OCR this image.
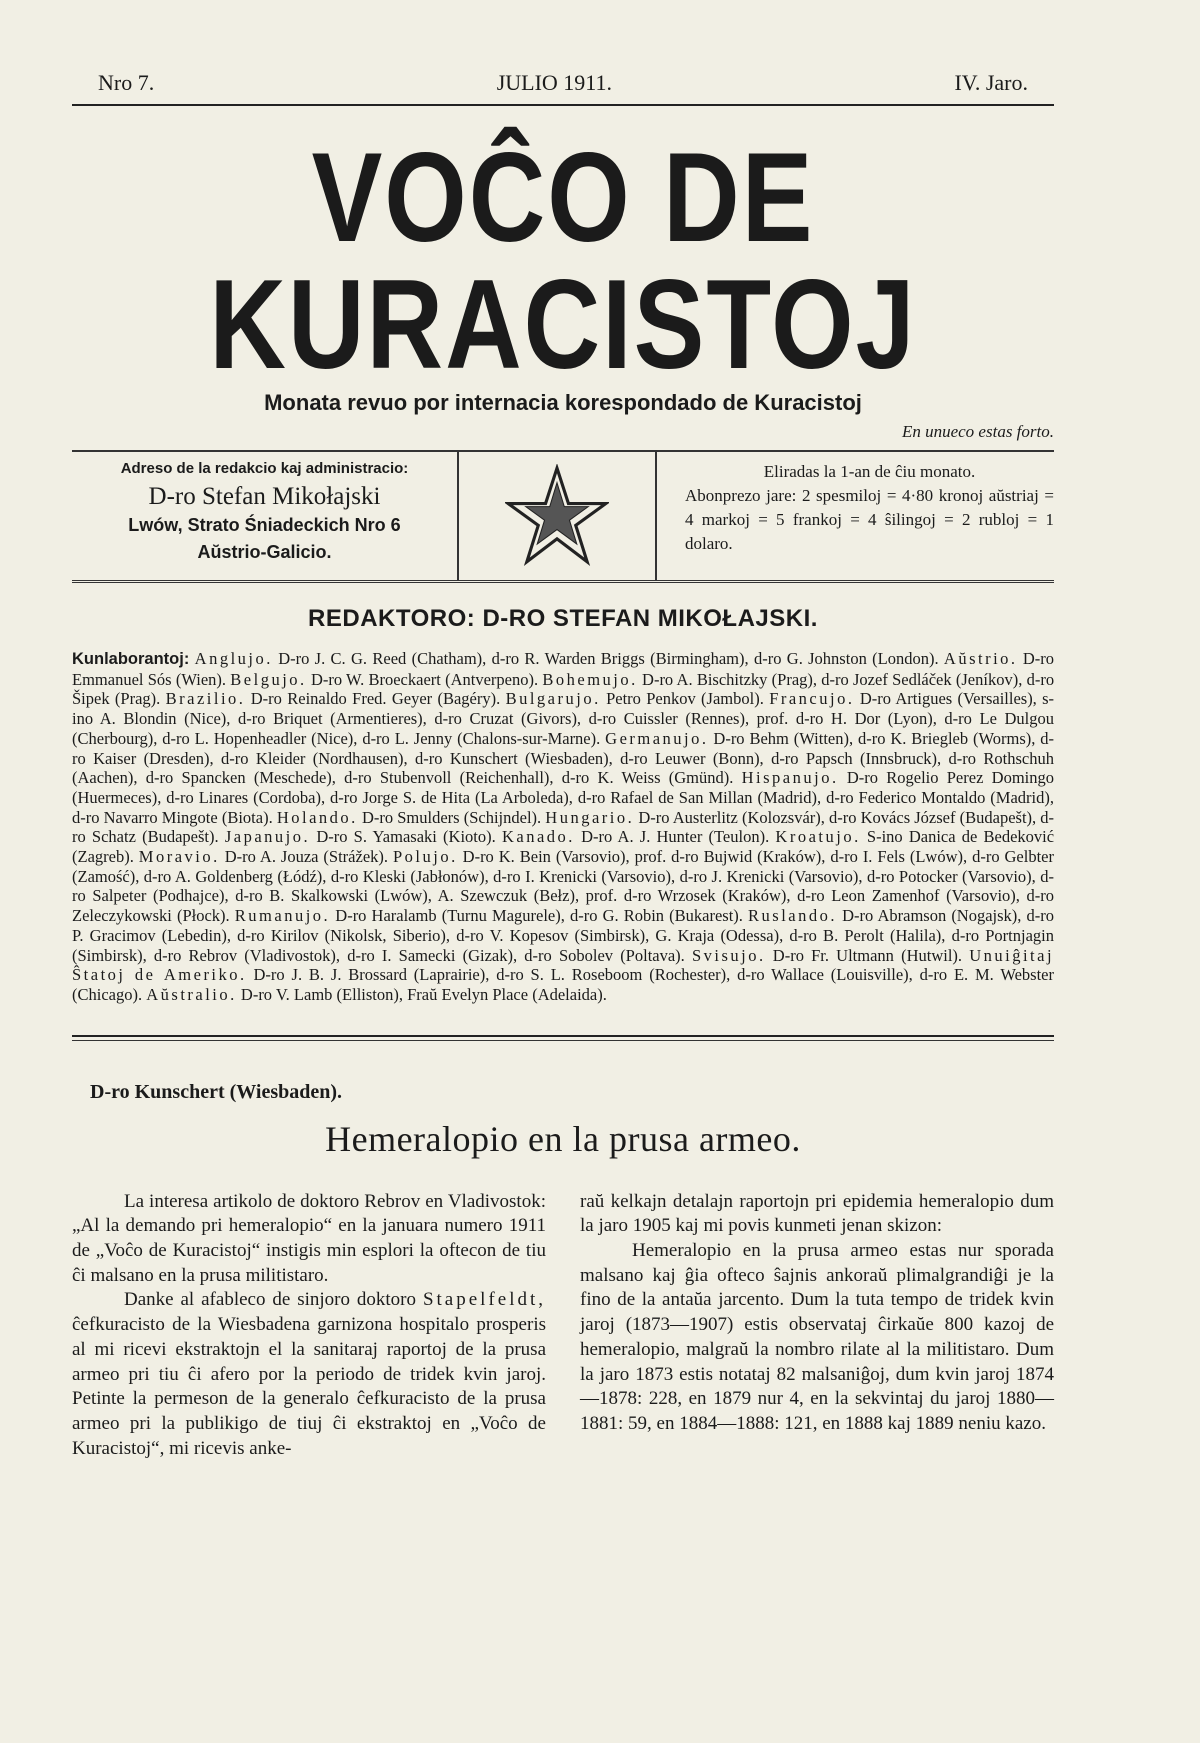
Nro 7.	JULIO 1911.	IV. Jaro.
VOĈO DE KURACISTOJ
Monata revuo por internacia korespondado de Kuracistoj
En unueco estas forto.
Adreso de la redakcio kaj administracio:
D-ro Stefan Mikołajski
Lwów, Strato Śniadeckich Nro 6
Aŭstrio-Galicio.
Eliradas la 1-an de ĉiu monato.
Abonprezo jare: 2 spesmiloj = 4·80 kronoj aŭstriaj = 4 markoj = 5 frankoj = 4 ŝilingoj = 2 rubloj = 1 dolaro.
REDAKTORO: D-RO STEFAN MIKOŁAJSKI.
Kunlaborantoj: Anglujo. D-ro J. C. G. Reed (Chatham), d-ro R. Warden Briggs (Birmingham), d-ro G. Johnston (London). Aŭstrio. D-ro Emmanuel Sós (Wien). Belgujo. D-ro W. Broeckaert (Antverpeno). Bohemujo. D-ro A. Bischitzky (Prag), d-ro Jozef Sedláček (Jeníkov), d-ro Šipek (Prag). Brazilio. D-ro Reinaldo Fred. Geyer (Bagéry). Bulgarujo. Petro Penkov (Jambol). Francujo. D-ro Artigues (Versailles), s-ino A. Blondin (Nice), d-ro Briquet (Armentieres), d-ro Cruzat (Givors), d-ro Cuissler (Rennes), prof. d-ro H. Dor (Lyon), d-ro Le Dulgou (Cherbourg), d-ro L. Hopenheadler (Nice), d-ro L. Jenny (Chalons-sur-Marne). Germanujo. D-ro Behm (Witten), d-ro K. Briegleb (Worms), d-ro Kaiser (Dresden), d-ro Kleider (Nordhausen), d-ro Kunschert (Wiesbaden), d-ro Leuwer (Bonn), d-ro Papsch (Innsbruck), d-ro Rothschuh (Aachen), d-ro Spancken (Meschede), d-ro Stubenvoll (Reichenhall), d-ro K. Weiss (Gmünd). Hispanujo. D-ro Rogelio Perez Domingo (Huermeces), d-ro Linares (Cordoba), d-ro Jorge S. de Hita (La Arboleda), d-ro Rafael de San Millan (Madrid), d-ro Federico Montaldo (Madrid), d-ro Navarro Mingote (Biota). Holando. D-ro Smulders (Schijndel). Hungario. D-ro Austerlitz (Kolozsvár), d-ro Kovács József (Budapešt), d-ro Schatz (Budapešt). Japanujo. D-ro S. Yamasaki (Kioto). Kanado. D-ro A. J. Hunter (Teulon). Kroatujo. S-ino Danica de Bedeković (Zagreb). Moravio. D-ro A. Jouza (Strážek). Polujo. D-ro K. Bein (Varsovio), prof. d-ro Bujwid (Kraków), d-ro I. Fels (Lwów), d-ro Gelbter (Zamość), d-ro A. Goldenberg (Łódź), d-ro Kleski (Jabłonów), d-ro I. Krenicki (Varsovio), d-ro J. Krenicki (Varsovio), d-ro Potocker (Varsovio), d-ro Salpeter (Podhajce), d-ro B. Skalkowski (Lwów), A. Szewczuk (Bełz), prof. d-ro Wrzosek (Kraków), d-ro Leon Zamenhof (Varsovio), d-ro Zeleczykowski (Płock). Rumanujo. D-ro Haralamb (Turnu Magurele), d-ro G. Robin (Bukarest). Ruslando. D-ro Abramson (Nogajsk), d-ro P. Gracimov (Lebedin), d-ro Kirilov (Nikolsk, Siberio), d-ro V. Kopesov (Simbirsk), G. Kraja (Odessa), d-ro B. Perolt (Halila), d-ro Portnjagin (Simbirsk), d-ro Rebrov (Vladivostok), d-ro I. Samecki (Gizak), d-ro Sobolev (Poltava). Svisujo. D-ro Fr. Ultmann (Hutwil). Unuiĝitaj Ŝtatoj de Ameriko. D-ro J. B. J. Brossard (Laprairie), d-ro S. L. Roseboom (Rochester), d-ro Wallace (Louisville), d-ro E. M. Webster (Chicago). Aŭstralio. D-ro V. Lamb (Elliston), Fraŭ Evelyn Place (Adelaida).
D-ro Kunschert (Wiesbaden).
Hemeralopio en la prusa armeo.

La interesa artikolo de doktoro Rebrov en Vladivostok: „Al la demando pri hemeralopio“ en la januara numero 1911 de „Voĉo de Kuracistoj“ instigis min esplori la oftecon de tiu ĉi malsano en la prusa militistaro.

Danke al afableco de sinjoro doktoro Stapelfeldt, ĉefkuracisto de la Wiesbadena garnizona hospitalo prosperis al mi ricevi ekstraktojn el la sanitaraj raportoj de la prusa armeo pri tiu ĉi afero por la periodo de tridek kvin jaroj. Petinte la permeson de la generalo ĉefkuracisto de la prusa armeo pri la publikigo de tiuj ĉi ekstraktoj en „Voĉo de Kuracistoj“, mi ricevis anke-

raŭ kelkajn detalajn raportojn pri epidemia hemeralopio dum la jaro 1905 kaj mi povis kunmeti jenan skizon:

Hemeralopio en la prusa armeo estas nur sporada malsano kaj ĝia ofteco ŝajnis ankoraŭ plimalgrandiĝi je la fino de la antaŭa jarcento. Dum la tuta tempo de tridek kvin jaroj (1873—1907) estis observataj ĉirkaŭe 800 kazoj de hemeralopio, malgraŭ la nombro rilate al la militistaro. Dum la jaro 1873 estis notataj 82 malsaniĝoj, dum kvin jaroj 1874—1878: 228, en 1879 nur 4, en la sekvintaj du jaroj 1880—1881: 59, en 1884—1888: 121, en 1888 kaj 1889 neniu kazo.
